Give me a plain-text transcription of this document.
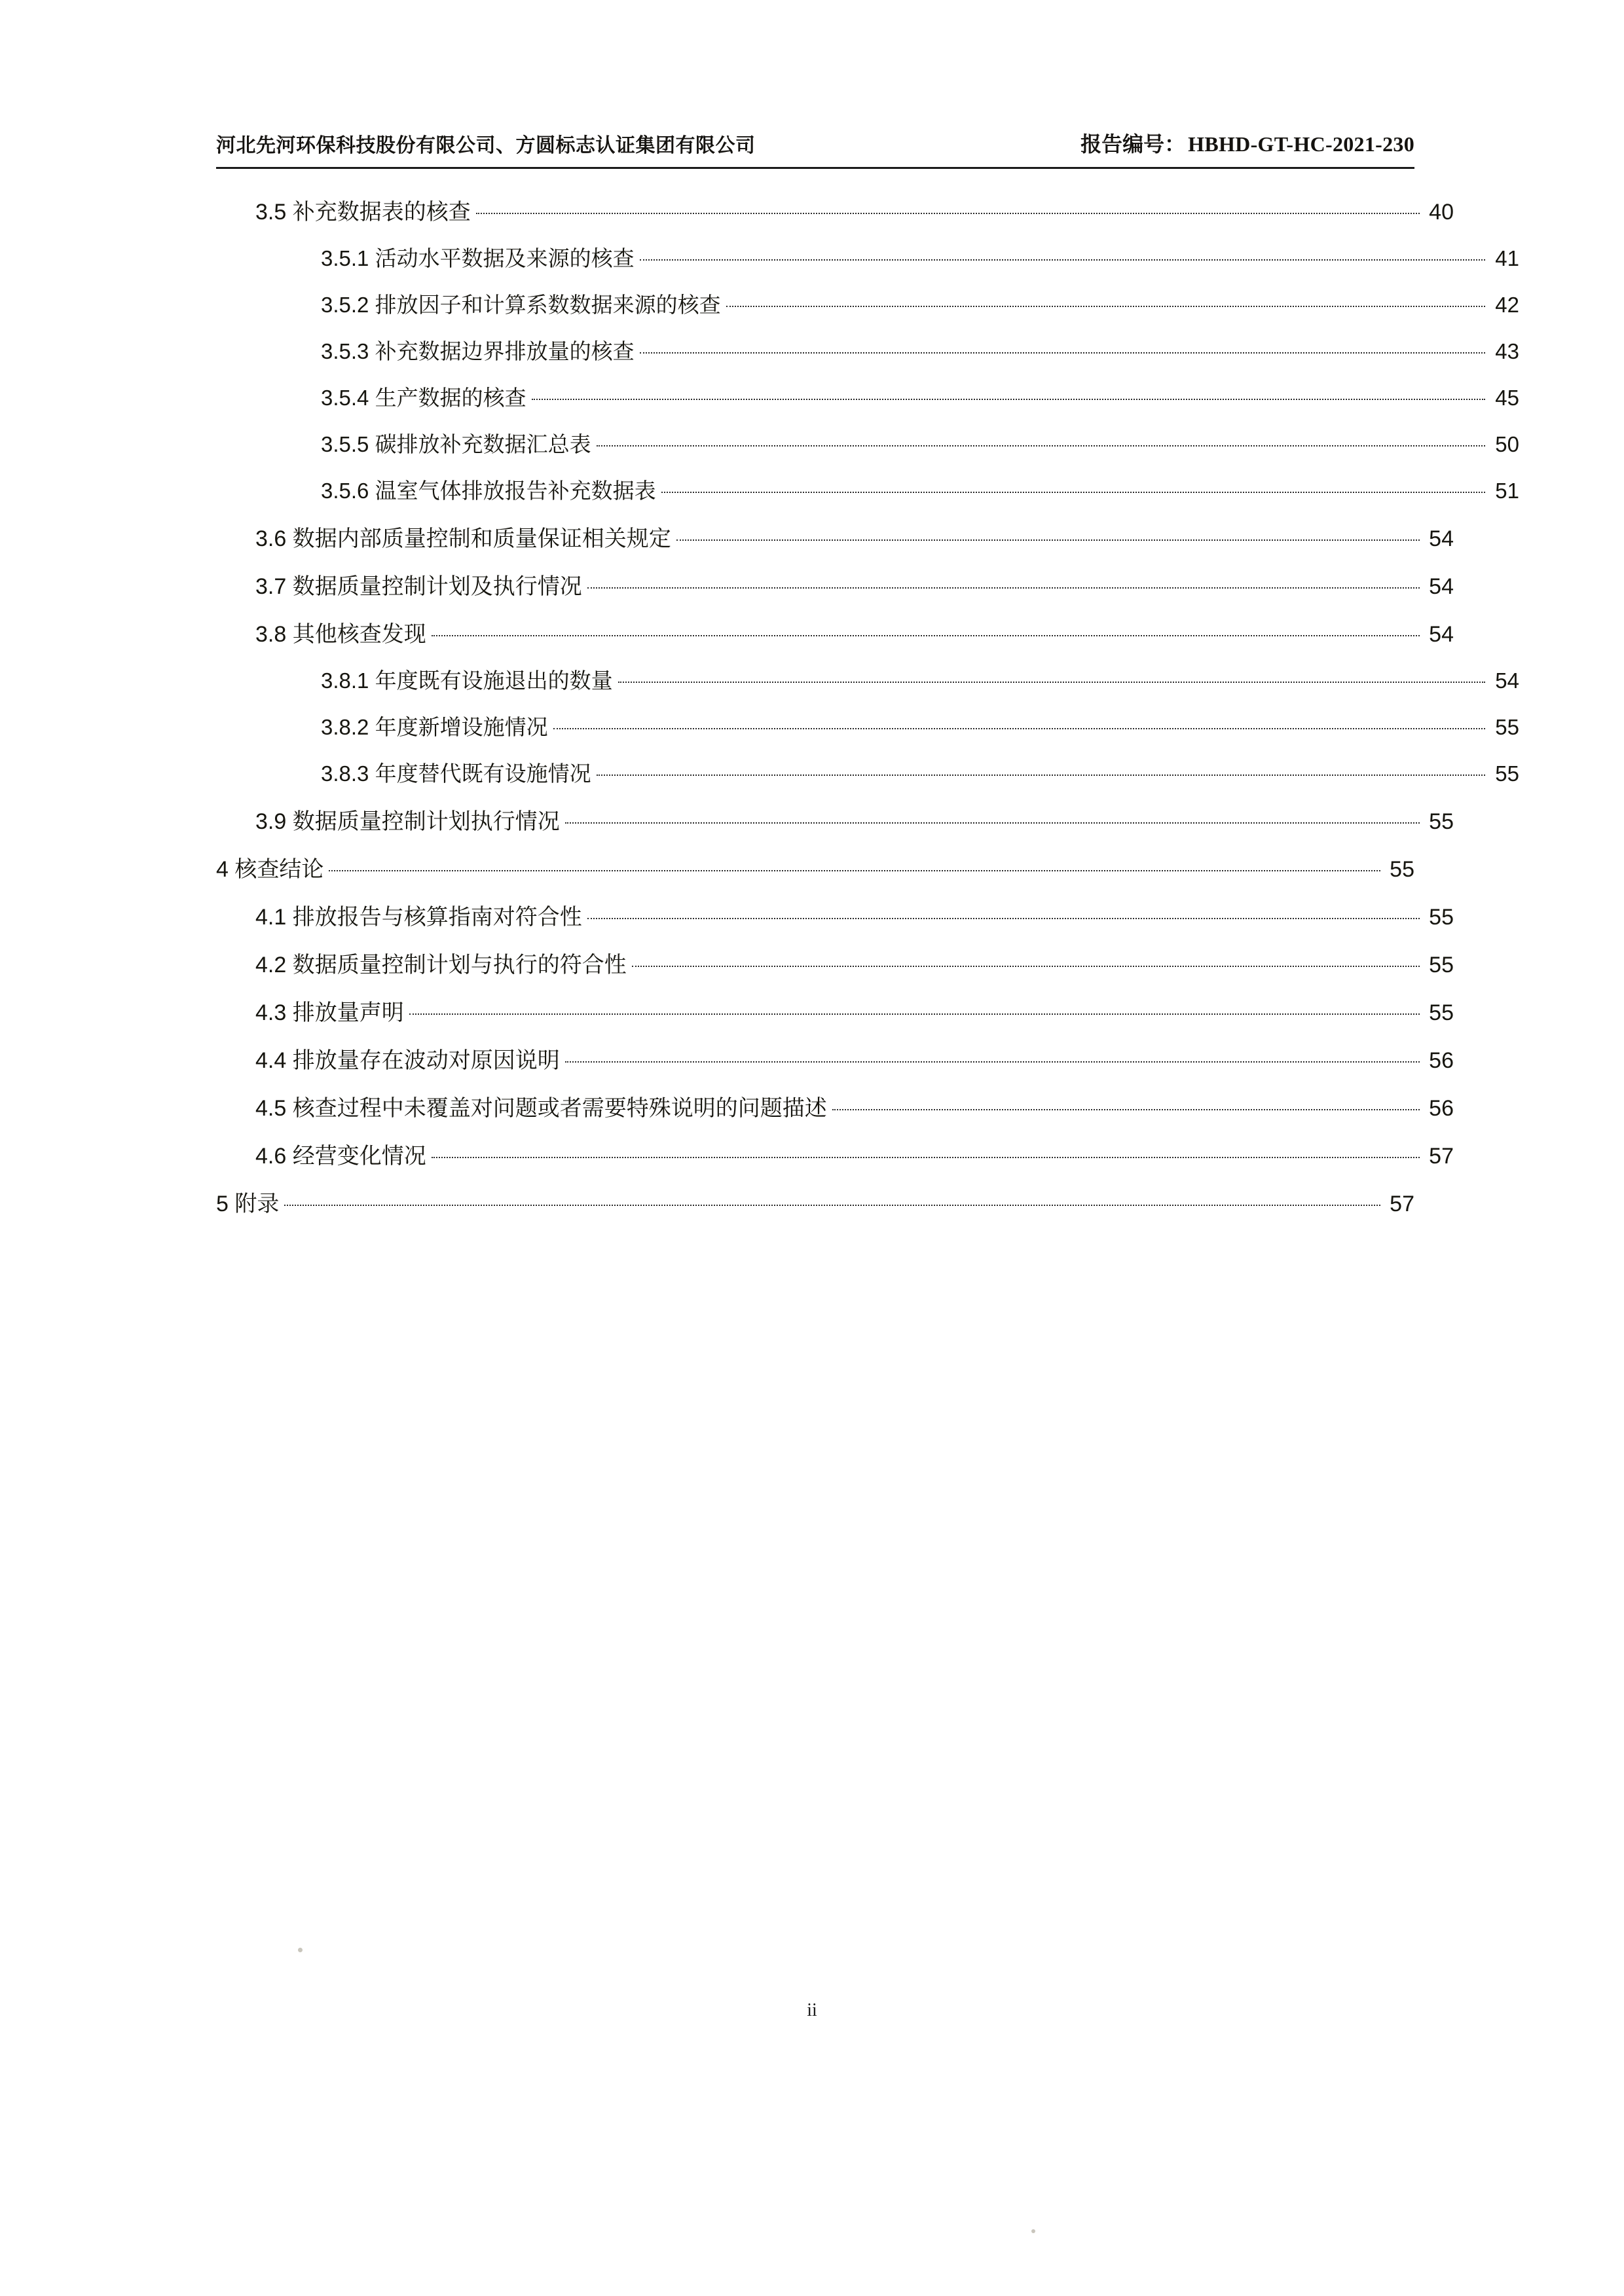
河北先河环保科技股份有限公司、方圆标志认证集团有限公司	报告编号： HBHD-GT-HC-2021-230
3.5 补充数据表的核查	40
3.5.1 活动水平数据及来源的核查	41
3.5.2 排放因子和计算系数数据来源的核查	42
3.5.3 补充数据边界排放量的核查	43
3.5.4 生产数据的核查	45
3.5.5 碳排放补充数据汇总表	50
3.5.6 温室气体排放报告补充数据表	51
3.6 数据内部质量控制和质量保证相关规定	54
3.7 数据质量控制计划及执行情况	54
3.8 其他核查发现	54
3.8.1 年度既有设施退出的数量	54
3.8.2 年度新增设施情况	55
3.8.3 年度替代既有设施情况	55
3.9 数据质量控制计划执行情况	55
4 核查结论	55
4.1 排放报告与核算指南对符合性	55
4.2 数据质量控制计划与执行的符合性	55
4.3 排放量声明	55
4.4 排放量存在波动对原因说明	56
4.5 核查过程中未覆盖对问题或者需要特殊说明的问题描述	56
4.6 经营变化情况	57
5 附录	57
ii
